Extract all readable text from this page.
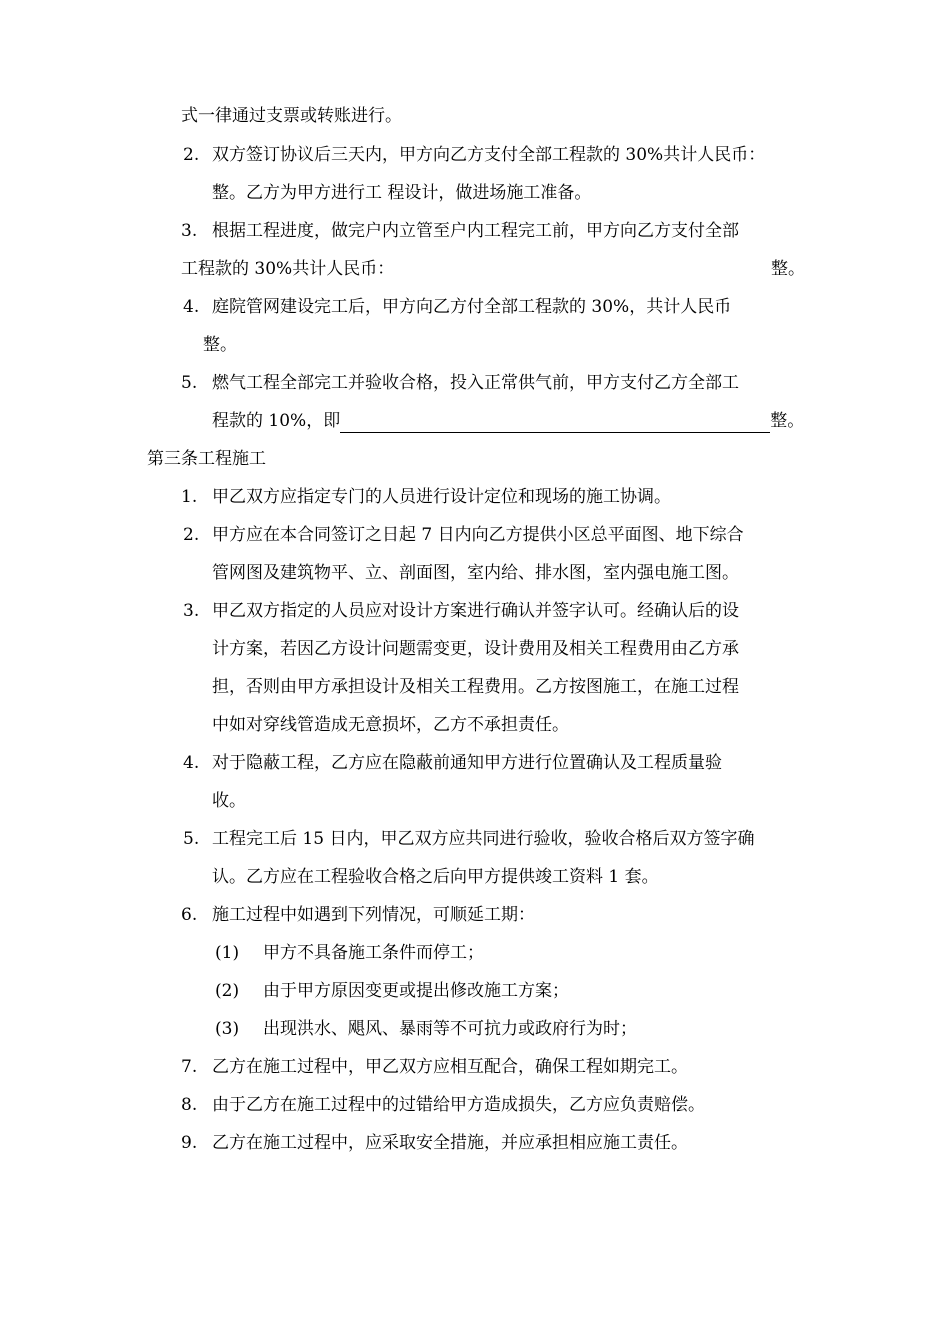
式一律通过支票或转账进行。
2. 双方签订协议后三天内，甲方向乙方支付全部工程款的 30%共计人民币：
整。乙方为甲方进行工 程设计，做进场施工准备。
3. 根据工程进度，做完户内立管至户内工程完工前，甲方向乙方支付全部
工程款的 30%共计人民币：	整。
4. 庭院管网建设完工后，甲方向乙方付全部工程款的 30%，共计人民币
整。
5. 燃气工程全部完工并验收合格，投入正常供气前，甲方支付乙方全部工
程款的 10%，即	整。
第三条工程施工
1. 甲乙双方应指定专门的人员进行设计定位和现场的施工协调。
2. 甲方应在本合同签订之日起 7 日内向乙方提供小区总平面图、地下综合
管网图及建筑物平、立、剖面图，室内给、排水图，室内强电施工图。
3. 甲乙双方指定的人员应对设计方案进行确认并签字认可。经确认后的设
计方案，若因乙方设计问题需变更，设计费用及相关工程费用由乙方承
担，否则由甲方承担设计及相关工程费用。乙方按图施工，在施工过程
中如对穿线管造成无意损坏，乙方不承担责任。
4. 对于隐蔽工程，乙方应在隐蔽前通知甲方进行位置确认及工程质量验
收。
5. 工程完工后 15 日内，甲乙双方应共同进行验收，验收合格后双方签字确
认。乙方应在工程验收合格之后向甲方提供竣工资料 1 套。
6. 施工过程中如遇到下列情况，可顺延工期：
(1) 甲方不具备施工条件而停工；
(2) 由于甲方原因变更或提出修改施工方案；
(3) 出现洪水、飓风、暴雨等不可抗力或政府行为时；
7. 乙方在施工过程中，甲乙双方应相互配合，确保工程如期完工。
8. 由于乙方在施工过程中的过错给甲方造成损失，乙方应负责赔偿。
9. 乙方在施工过程中，应采取安全措施，并应承担相应施工责任。
